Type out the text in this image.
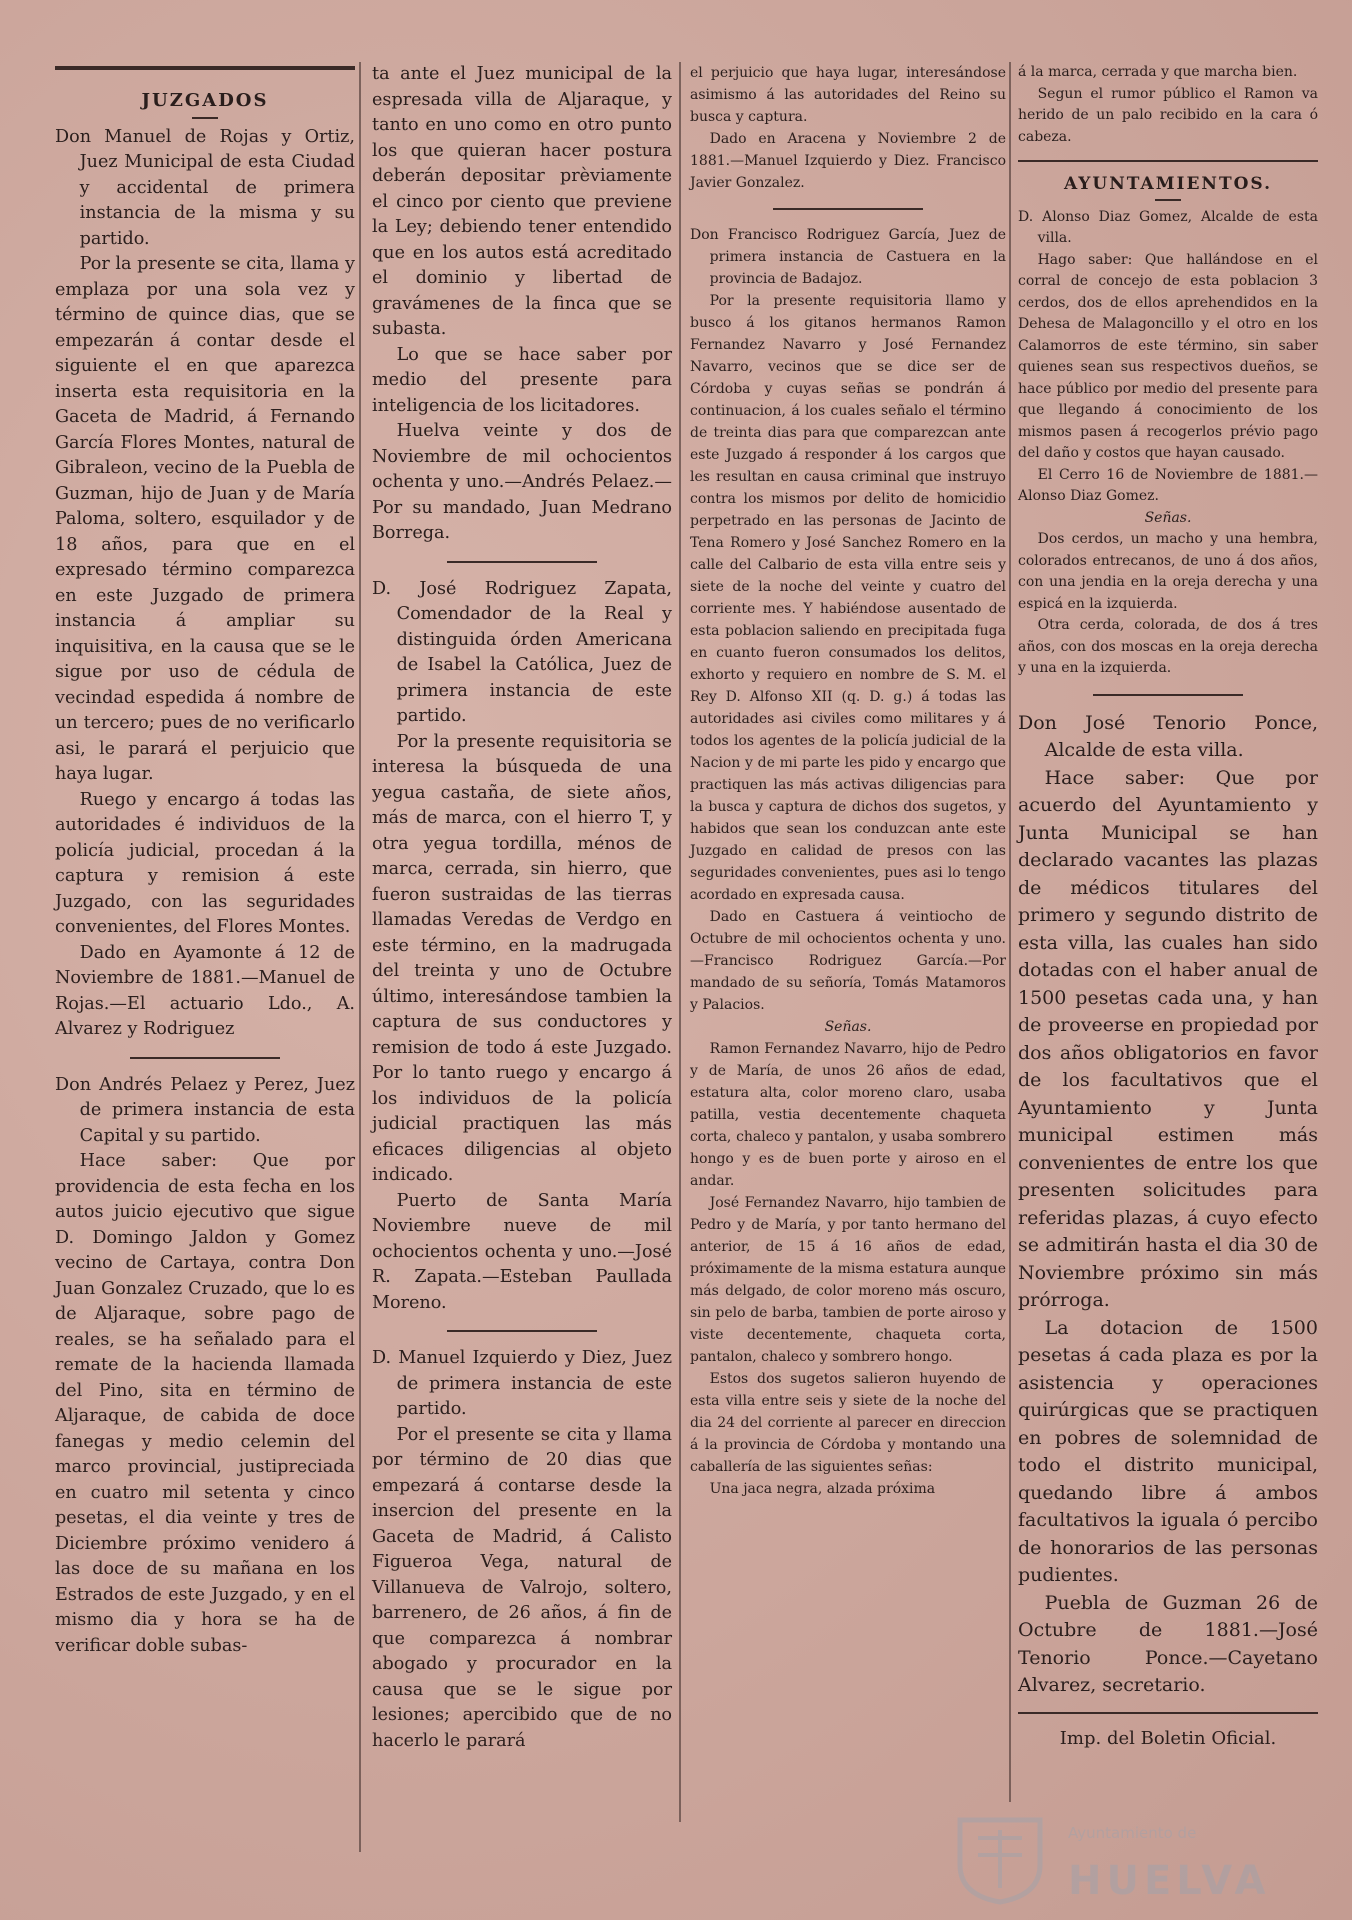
JUZGADOS

Don Manuel de Rojas y Ortiz, Juez Municipal de esta Ciudad y accidental de primera instancia de la misma y su partido.

Por la presente se cita, llama y emplaza por una sola vez y término de quince dias, que se empezarán á contar desde el siguiente el en que aparezca inserta esta requisitoria en la Gaceta de Madrid, á Fernando García Flores Montes, natural de Gibraleon, vecino de la Puebla de Guzman, hijo de Juan y de María Paloma, soltero, esquilador y de 18 años, para que en el expresado término comparezca en este Juzgado de primera instancia á ampliar su inquisitiva, en la causa que se le sigue por uso de cédula de vecindad espedida á nombre de un tercero; pues de no verificarlo asi, le parará el perjuicio que haya lugar.

Ruego y encargo á todas las autoridades é individuos de la policía judicial, procedan á la captura y remision á este Juzgado, con las seguridades convenientes, del Flores Montes.

Dado en Ayamonte á 12 de Noviembre de 1881.—Manuel de Rojas.—El actuario Ldo., A. Alvarez y Rodriguez

Don Andrés Pelaez y Perez, Juez de primera instancia de esta Capital y su partido.

Hace saber: Que por providencia de esta fecha en los autos juicio ejecutivo que sigue D. Domingo Jaldon y Gomez vecino de Cartaya, contra Don Juan Gonzalez Cruzado, que lo es de Aljaraque, sobre pago de reales, se ha señalado para el remate de la hacienda llamada del Pino, sita en término de Aljaraque, de cabida de doce fanegas y medio celemin del marco provincial, justipreciada en cuatro mil setenta y cinco pesetas, el dia veinte y tres de Diciembre próximo venidero á las doce de su mañana en los Estrados de este Juzgado, y en el mismo dia y hora se ha de verificar doble subas-

ta ante el Juez municipal de la espresada villa de Aljaraque, y tanto en uno como en otro punto los que quieran hacer postura deberán depositar prèviamente el cinco por ciento que previene la Ley; debiendo tener entendido que en los autos está acreditado el dominio y libertad de gravámenes de la finca que se subasta.

Lo que se hace saber por medio del presente para inteligencia de los licitadores.

Huelva veinte y dos de Noviembre de mil ochocientos ochenta y uno.—Andrés Pelaez.—Por su mandado, Juan Medrano Borrega.

D. José Rodriguez Zapata, Comendador de la Real y distinguida órden Americana de Isabel la Católica, Juez de primera instancia de este partido.

Por la presente requisitoria se interesa la búsqueda de una yegua castaña, de siete años, más de marca, con el hierro T, y otra yegua tordilla, ménos de marca, cerrada, sin hierro, que fueron sustraidas de las tierras llamadas Veredas de Verdgo en este término, en la madrugada del treinta y uno de Octubre último, interesándose tambien la captura de sus conductores y remision de todo á este Juzgado. Por lo tanto ruego y encargo á los individuos de la policía judicial practiquen las más eficaces diligencias al objeto indicado.

Puerto de Santa María Noviembre nueve de mil ochocientos ochenta y uno.—José R. Zapata.—Esteban Paullada Moreno.

D. Manuel Izquierdo y Diez, Juez de primera instancia de este partido.

Por el presente se cita y llama por término de 20 dias que empezará á contarse desde la insercion del presente en la Gaceta de Madrid, á Calisto Figueroa Vega, natural de Villanueva de Valrojo, soltero, barrenero, de 26 años, á fin de que comparezca á nombrar abogado y procurador en la causa que se le sigue por lesiones; apercibido que de no hacerlo le parará

el perjuicio que haya lugar, interesándose asimismo á las autoridades del Reino su busca y captura.

Dado en Aracena y Noviembre 2 de 1881.—Manuel Izquierdo y Diez. Francisco Javier Gonzalez.

Don Francisco Rodriguez García, Juez de primera instancia de Castuera en la provincia de Badajoz.

Por la presente requisitoria llamo y busco á los gitanos hermanos Ramon Fernandez Navarro y José Fernandez Navarro, vecinos que se dice ser de Córdoba y cuyas señas se pondrán á continuacion, á los cuales señalo el término de treinta dias para que comparezcan ante este Juzgado á responder á los cargos que les resultan en causa criminal que instruyo contra los mismos por delito de homicidio perpetrado en las personas de Jacinto de Tena Romero y José Sanchez Romero en la calle del Calbario de esta villa entre seis y siete de la noche del veinte y cuatro del corriente mes. Y habiéndose ausentado de esta poblacion saliendo en precipitada fuga en cuanto fueron consumados los delitos, exhorto y requiero en nombre de S. M. el Rey D. Alfonso XII (q. D. g.) á todas las autoridades asi civiles como militares y á todos los agentes de la policía judicial de la Nacion y de mi parte les pido y encargo que practiquen las más activas diligencias para la busca y captura de dichos dos sugetos, y habidos que sean los conduzcan ante este Juzgado en calidad de presos con las seguridades convenientes, pues asi lo tengo acordado en expresada causa.

Dado en Castuera á veintiocho de Octubre de mil ochocientos ochenta y uno.—Francisco Rodriguez García.—Por mandado de su señoría, Tomás Matamoros y Palacios.

Señas.

Ramon Fernandez Navarro, hijo de Pedro y de María, de unos 26 años de edad, estatura alta, color moreno claro, usaba patilla, vestia decentemente chaqueta corta, chaleco y pantalon, y usaba sombrero hongo y es de buen porte y airoso en el andar.

José Fernandez Navarro, hijo tambien de Pedro y de María, y por tanto hermano del anterior, de 15 á 16 años de edad, próximamente de la misma estatura aunque más delgado, de color moreno más oscuro, sin pelo de barba, tambien de porte airoso y viste decentemente, chaqueta corta, pantalon, chaleco y sombrero hongo.

Estos dos sugetos salieron huyendo de esta villa entre seis y siete de la noche del dia 24 del corriente al parecer en direccion á la provincia de Córdoba y montando una caballería de las siguientes señas:

Una jaca negra, alzada próxima

á la marca, cerrada y que marcha bien.

Segun el rumor público el Ramon va herido de un palo recibido en la cara ó cabeza.

AYUNTAMIENTOS.

D. Alonso Diaz Gomez, Alcalde de esta villa.

Hago saber: Que hallándose en el corral de concejo de esta poblacion 3 cerdos, dos de ellos aprehendidos en la Dehesa de Malagoncillo y el otro en los Calamorros de este término, sin saber quienes sean sus respectivos dueños, se hace público por medio del presente para que llegando á conocimiento de los mismos pasen á recogerlos prévio pago del daño y costos que hayan causado.

El Cerro 16 de Noviembre de 1881.—Alonso Diaz Gomez.

Señas.

Dos cerdos, un macho y una hembra, colorados entrecanos, de uno á dos años, con una jendia en la oreja derecha y una espicá en la izquierda.

Otra cerda, colorada, de dos á tres años, con dos moscas en la oreja derecha y una en la izquierda.

Don José Tenorio Ponce, Alcalde de esta villa.

Hace saber: Que por acuerdo del Ayuntamiento y Junta Municipal se han declarado vacantes las plazas de médicos titulares del primero y segundo distrito de esta villa, las cuales han sido dotadas con el haber anual de 1500 pesetas cada una, y han de proveerse en propiedad por dos años obligatorios en favor de los facultativos que el Ayuntamiento y Junta municipal estimen más convenientes de entre los que presenten solicitudes para referidas plazas, á cuyo efecto se admitirán hasta el dia 30 de Noviembre próximo sin más prórroga.

La dotacion de 1500 pesetas á cada plaza es por la asistencia y operaciones quirúrgicas que se practiquen en pobres de solemnidad de todo el distrito municipal, quedando libre á ambos facultativos la iguala ó percibo de honorarios de las personas pudientes.

Puebla de Guzman 26 de Octubre de 1881.—José Tenorio Ponce.—Cayetano Alvarez, secretario.

Imp. del Boletin Oficial.

Ayuntamiento de
HUELVA
